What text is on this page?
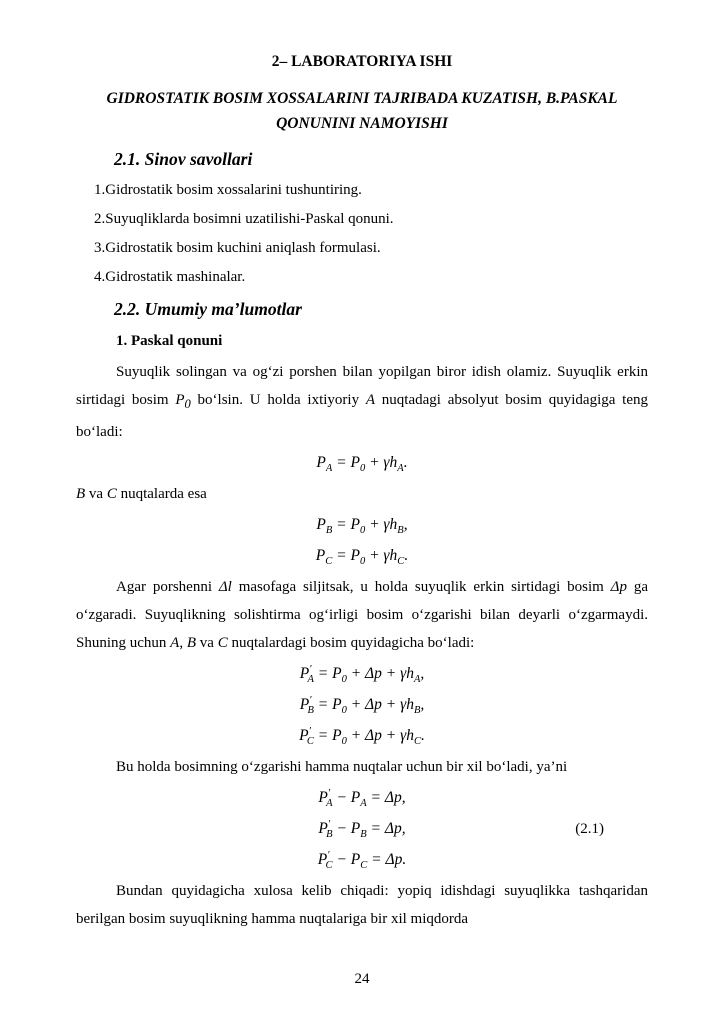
2– LABORATORIYA ISHI
GIDROSTATIK BOSIM XOSSALARINI TAJRIBADA KUZATISH, B.PASKAL QONUNINI NAMOYISHI
2.1. Sinov savollari

1.Gidrostatik bosim xossalarini tushuntiring.

2.Suyuqliklarda bosimni uzatilishi-Paskal qonuni.

3.Gidrostatik bosim kuchini aniqlash formulasi.

4.Gidrostatik mashinalar.

2.2. Umumiy ma’lumotlar
1. Paskal qonuni

Suyuqlik solingan va og‘zi porshen bilan yopilgan biror idish olamiz. Suyuqlik erkin sirtidagi bosim $P_0$ bo‘lsin. U holda ixtiyoriy A nuqtadagi absolyut bosim quyidagiga teng bo‘ladi:

$P_A = P_0 + \gamma h_A$.

B va C nuqtalarda esa

$P_B = P_0 + \gamma h_B$,
$P_C = P_0 + \gamma h_C$.

Agar porshenni Δl masofaga siljitsak, u holda suyuqlik erkin sirtidagi bosim Δp ga o‘zgaradi. Suyuqlikning solishtirma og‘irligi bosim o‘zgarishi bilan deyarli o‘zgarmaydi. Shuning uchun A, B va C nuqtalardagi bosim quyidagicha bo‘ladi:

$P'_A = P_0 + \Delta p + \gamma h_A$,
$P'_B = P_0 + \Delta p + \gamma h_B$,
$P'_C = P_0 + \Delta p + \gamma h_C$.

Bu holda bosimning o‘zgarishi hamma nuqtalar uchun bir xil bo‘ladi, ya’ni

$P'_A - P_A = \Delta p$,
$P'_B - P_B = \Delta p$,	(2.1)
$P'_C - P_C = \Delta p$.

Bundan quyidagicha xulosa kelib chiqadi: yopiq idishdagi suyuqlikka tashqaridan berilgan bosim suyuqlikning hamma nuqtalariga bir xil miqdorda

24
